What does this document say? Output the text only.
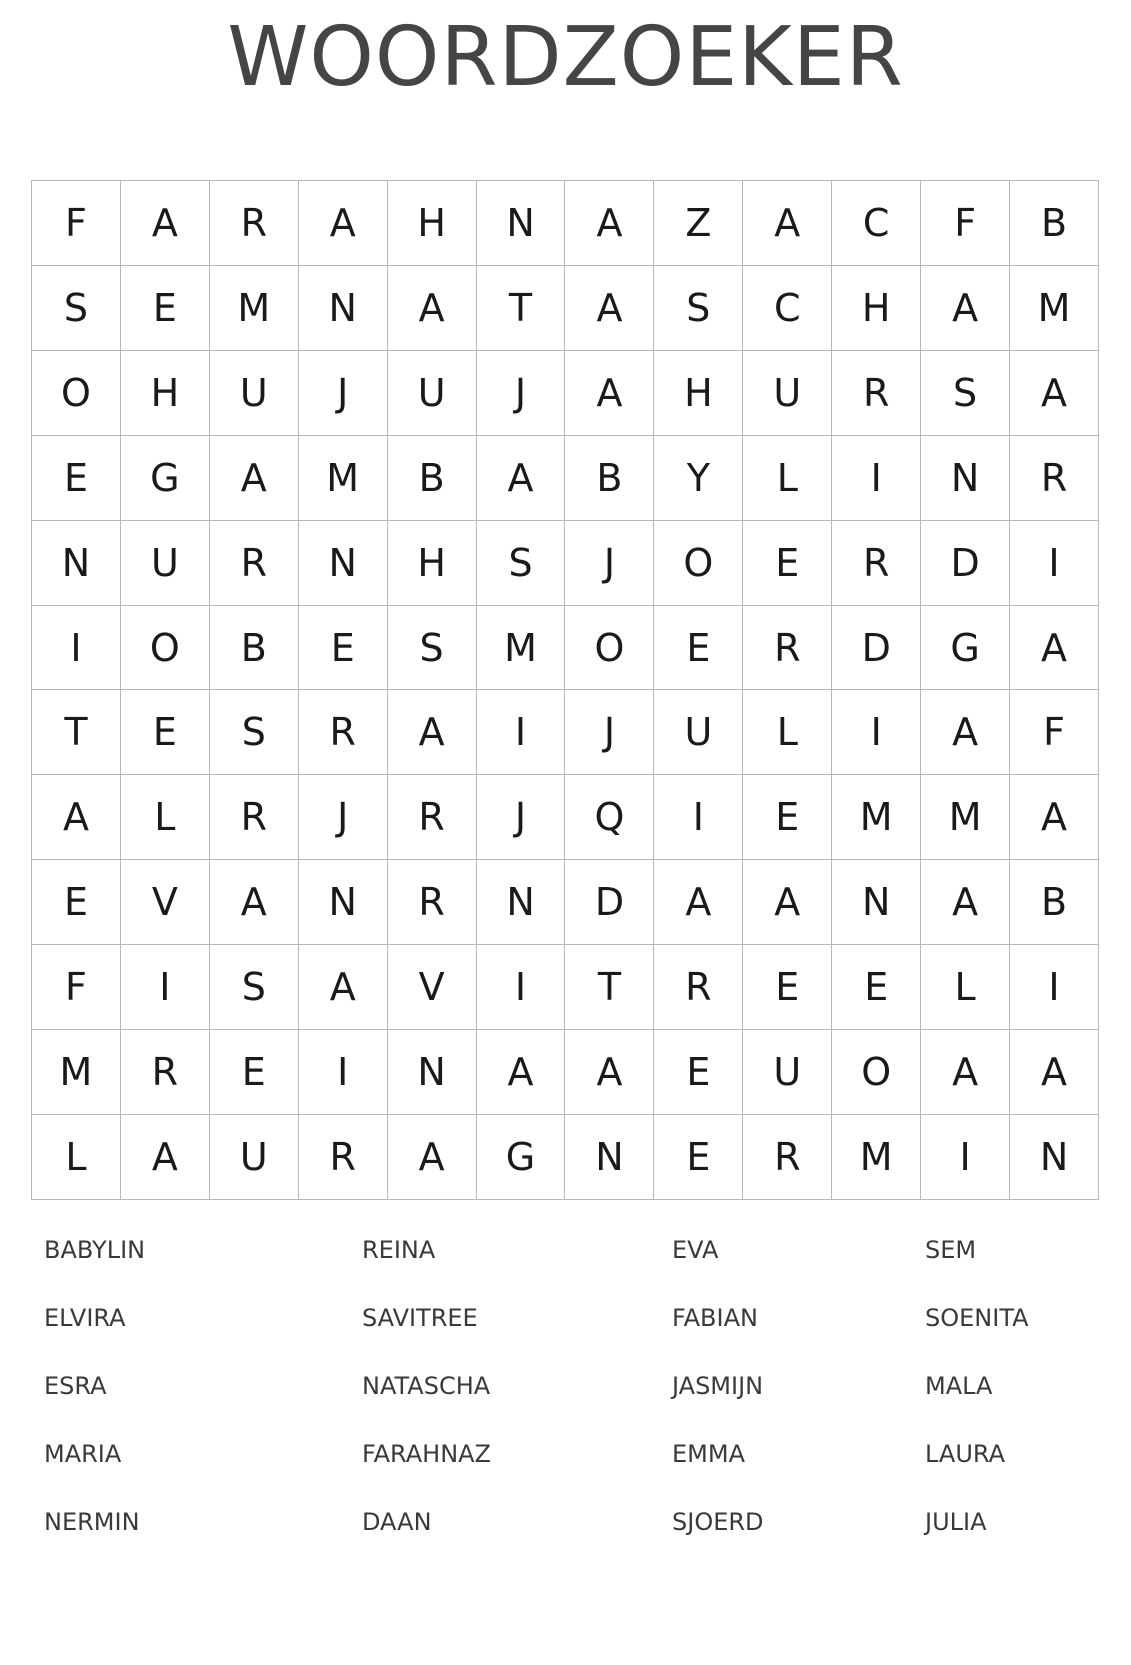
WOORDZOEKER
F	A	R	A	H	N	A	Z	A	C	F	B
S	E	M	N	A	T	A	S	C	H	A	M
O	H	U	J	U	J	A	H	U	R	S	A
E	G	A	M	B	A	B	Y	L	I	N	R
N	U	R	N	H	S	J	O	E	R	D	I
I	O	B	E	S	M	O	E	R	D	G	A
T	E	S	R	A	I	J	U	L	I	A	F
A	L	R	J	R	J	Q	I	E	M	M	A
E	V	A	N	R	N	D	A	A	N	A	B
F	I	S	A	V	I	T	R	E	E	L	I
M	R	E	I	N	A	A	E	U	O	A	A
L	A	U	R	A	G	N	E	R	M	I	N
BABYLIN
ELVIRA
ESRA
MARIA
NERMIN
REINA
SAVITREE
NATASCHA
FARAHNAZ
DAAN
EVA
FABIAN
JASMIJN
EMMA
SJOERD
SEM
SOENITA
MALA
LAURA
JULIA
